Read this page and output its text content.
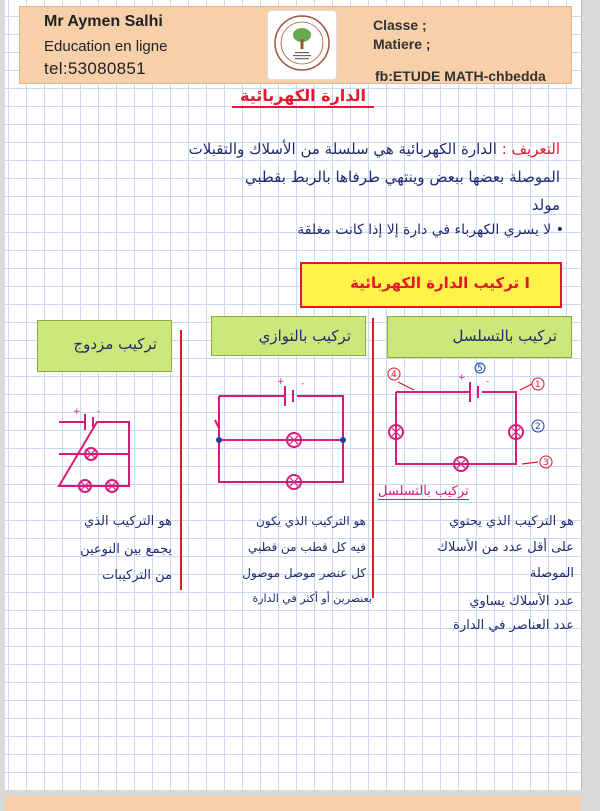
Mr Aymen Salhi
Education en ligne
tel:53080851
Classe ;
Matiere ;
fb:ETUDE MATH-chbedda
الدارة الكهربائية
التعريف : الدارة الكهربائية هي سلسلة من الأسلاك والتقبلات
الموصلة بعضها ببعض وينتهي طرفاها بالربط بقطبي
مولد
• لا يسري الكهرباء في دارة إلا إذا كانت مغلقة
I تركيب الدارة الكهربائية
تركيب بالتسلسل
تركيب بالتوازي
تركيب مزدوج
+ -
+ -
+ -	1
2
3
4
5
تركيب بالتسلسل
هو التركيب الذي يحتوي
على أقل عدد من الأسلاك
الموصلة
عدد الأسلاك يساوي
عدد العناصر في الدارة
هو التركيب الذي يكون
فيه كل قطب من قطبي
كل عنصر موصل موصول
بعنصرين أو أكثر في الدارة
هو التركيب الذي
يجمع بين النوعين
من التركيبات
